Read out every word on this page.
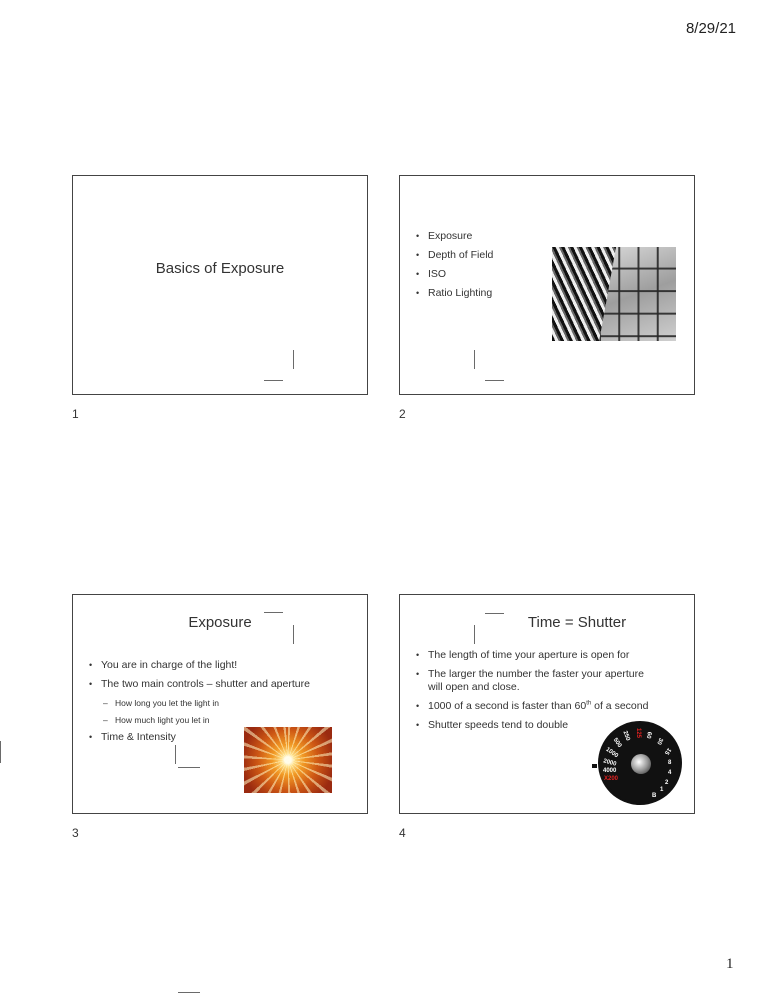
8/29/21
Basics of Exposure
1
• Exposure
• Depth of Field
• ISO
• Ratio Lighting
2
Exposure
• You are in charge of the light!
• The two main controls – shutter and aperture
– How long you let the light in
– How much light you let in
• Time & Intensity
3
Time = Shutter
• The length of time your aperture is open for
• The larger the number the faster your aperture will open and close.
• 1000 of a second is faster than 60th of a second
• Shutter speeds tend to double
125 60
30
15
8
4
2
1
B
250
500
1000
2000
4000
X200
4
1
